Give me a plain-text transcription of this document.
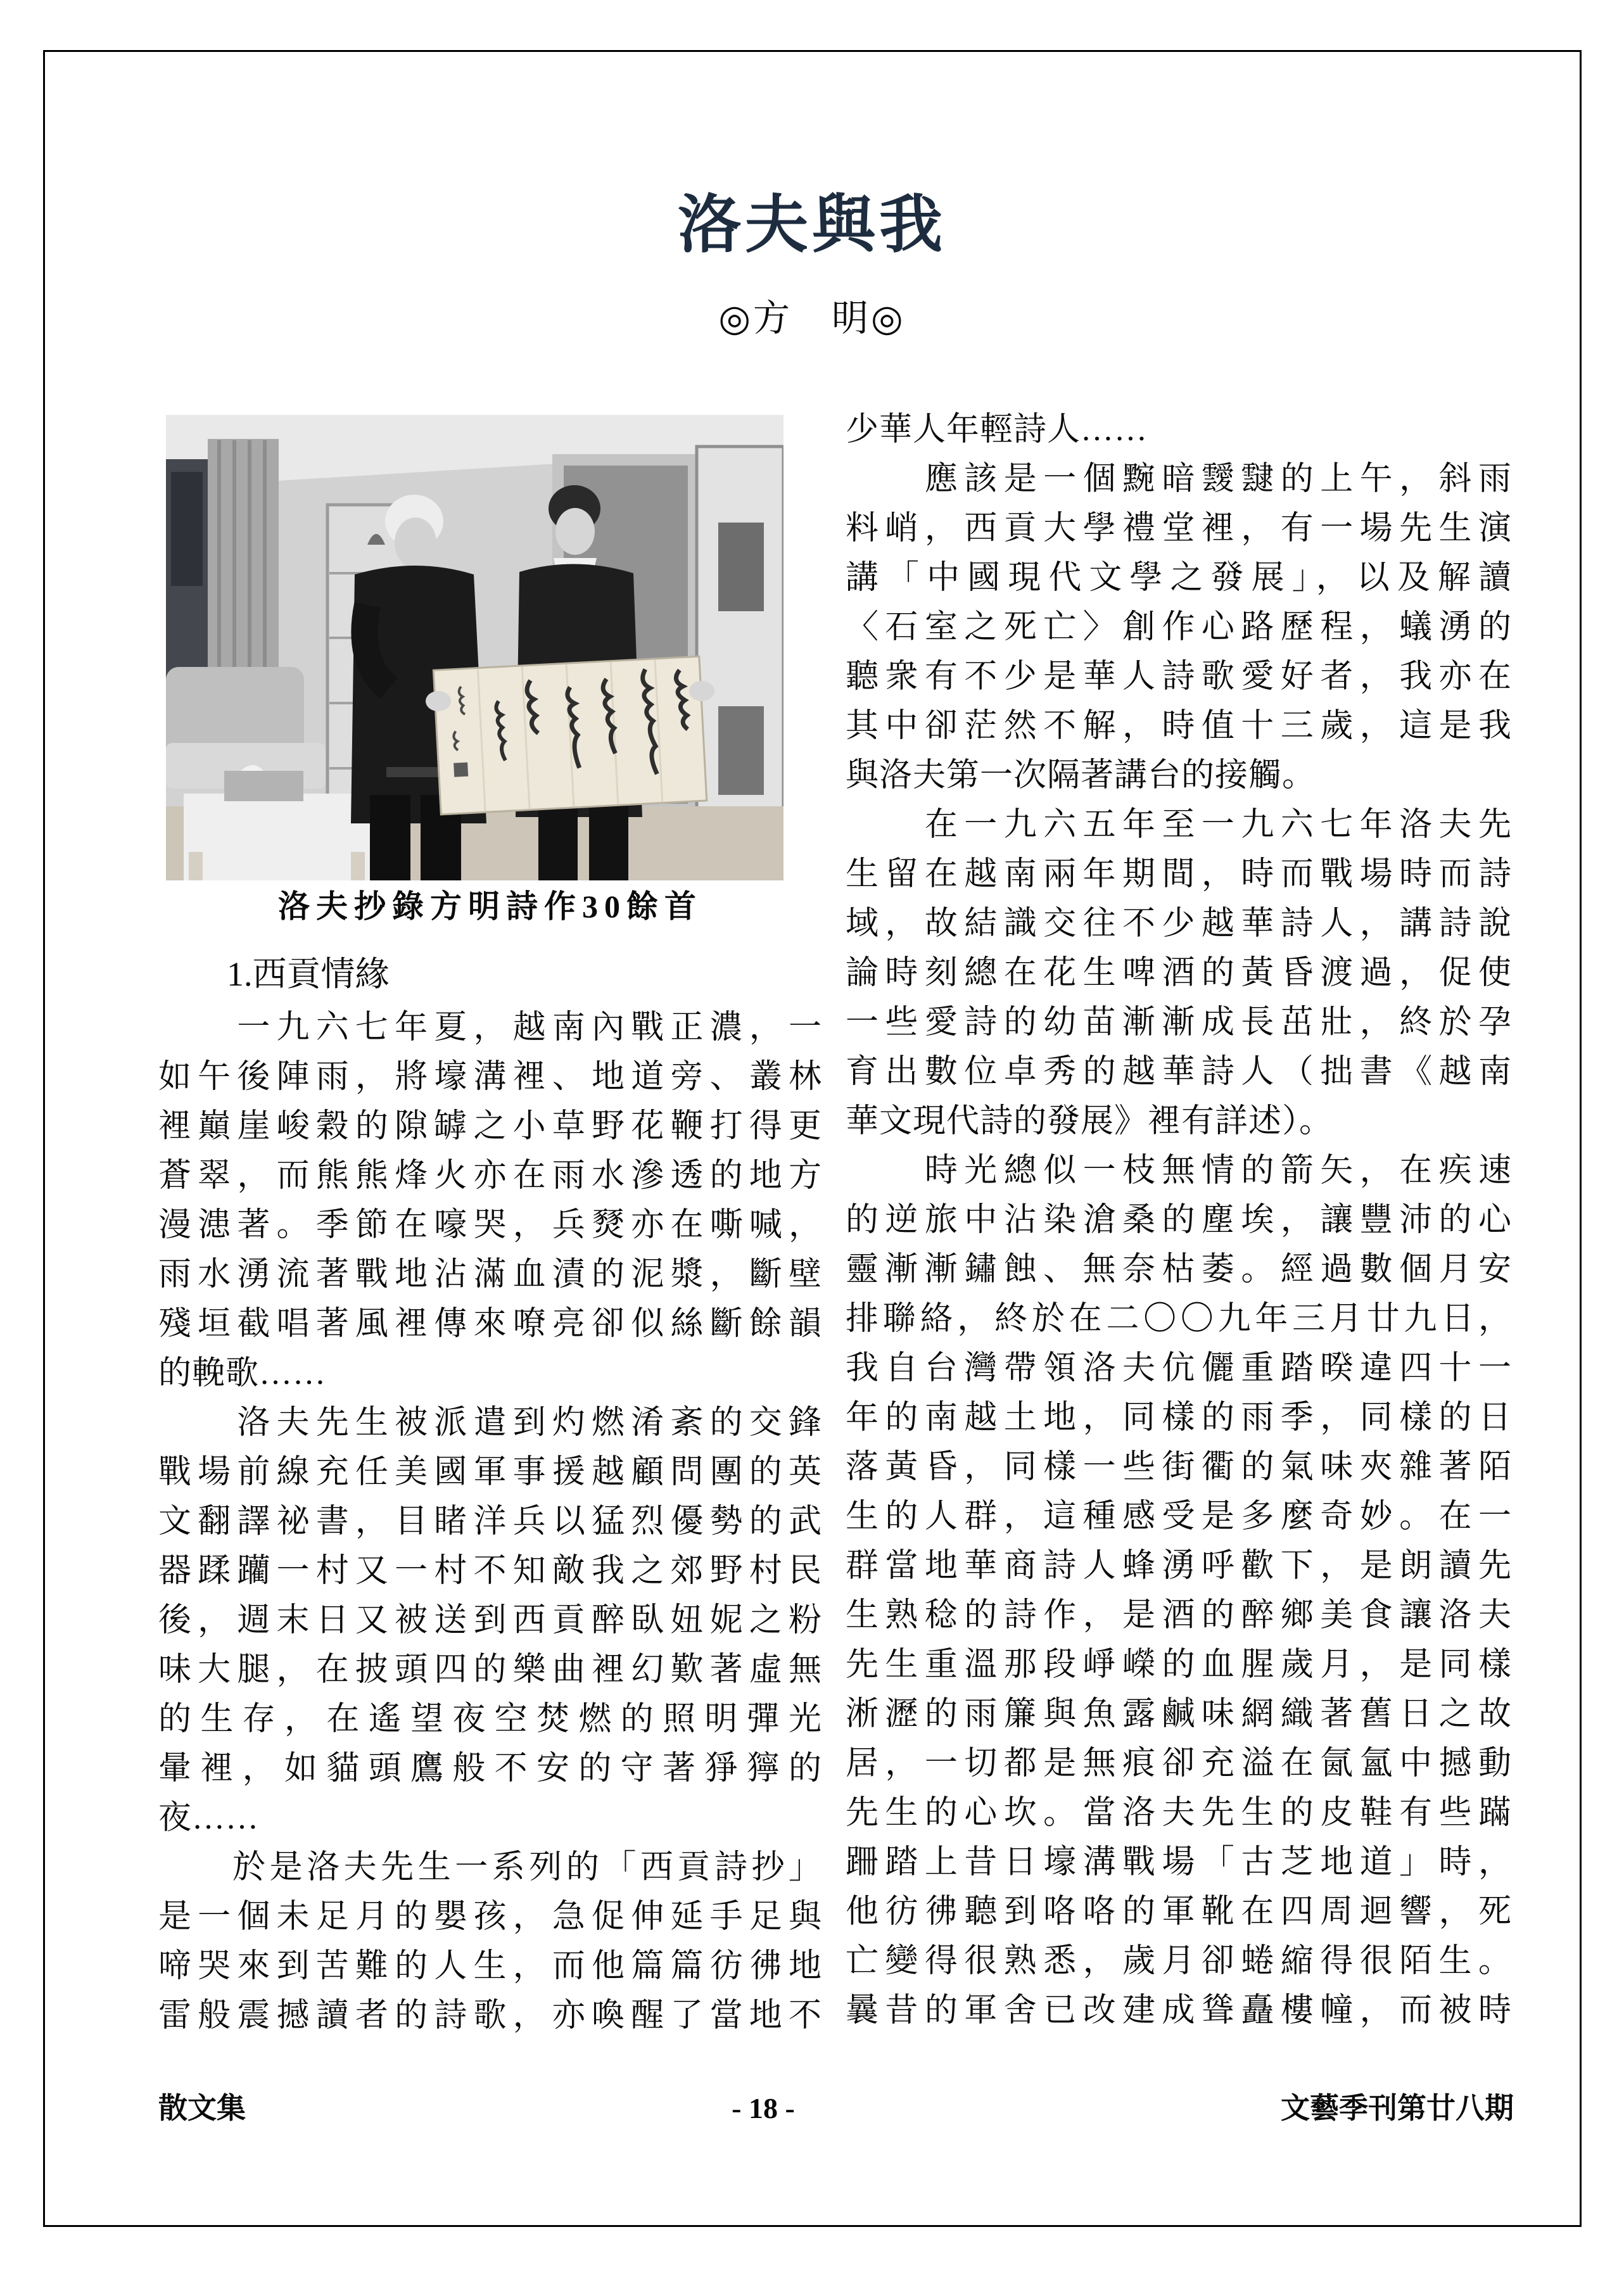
洛夫與我
◎方　明◎
洛夫抄錄方明詩作30餘首
1.西貢情緣
　　一九六七年夏，越南內戰正濃，一
如午後陣雨，將壕溝裡、地道旁、叢林
裡巔崖峻穀的隙罅之小草野花鞭打得更
蒼翠，而熊熊烽火亦在雨水滲透的地方
漫漶著。季節在嚎哭，兵燹亦在嘶喊，
雨水湧流著戰地沾滿血漬的泥漿，斷壁
殘垣截唱著風裡傳來嘹亮卻似絲斷餘韻
的輓歌……
　　洛夫先生被派遣到灼燃淆紊的交鋒
戰場前線充任美國軍事援越顧問團的英
文翻譯祕書，目睹洋兵以猛烈優勢的武
器蹂躪一村又一村不知敵我之郊野村民
後，週末日又被送到西貢醉臥妞妮之粉
味大腿，在披頭四的樂曲裡幻歎著虛無
的生存，在遙望夜空焚燃的照明彈光
暈裡，如貓頭鷹般不安的守著猙獰的
夜……
　　於是洛夫先生一系列的「西貢詩抄」
是一個未足月的嬰孩，急促伸延手足與
啼哭來到苦難的人生，而他篇篇彷彿地
雷般震撼讀者的詩歌，亦喚醒了當地不
少華人年輕詩人……
　　應該是一個黦暗靉靆的上午，斜雨
料峭，西貢大學禮堂裡，有一場先生演
講「中國現代文學之發展」，以及解讀
〈石室之死亡〉創作心路歷程，蟻湧的
聽衆有不少是華人詩歌愛好者，我亦在
其中卻茫然不解，時值十三歲，這是我
與洛夫第一次隔著講台的接觸。
　　在一九六五年至一九六七年洛夫先
生留在越南兩年期間，時而戰場時而詩
域，故結識交往不少越華詩人，講詩說
論時刻總在花生啤酒的黃昏渡過，促使
一些愛詩的幼苗漸漸成長茁壯，終於孕
育出數位卓秀的越華詩人（拙書《越南
華文現代詩的發展》裡有詳述）。
　　時光總似一枝無情的箭矢，在疾速
的逆旅中沾染滄桑的塵埃，讓豐沛的心
靈漸漸鏽蝕、無奈枯萎。經過數個月安
排聯絡，終於在二〇〇九年三月廿九日，
我自台灣帶領洛夫伉儷重踏暌違四十一
年的南越土地，同樣的雨季，同樣的日
落黃昏，同樣一些街衢的氣味夾雜著陌
生的人群，這種感受是多麼奇妙。在一
群當地華商詩人蜂湧呼歡下，是朗讀先
生熟稔的詩作，是酒的醉鄉美食讓洛夫
先生重溫那段崢嶸的血腥歲月，是同樣
淅瀝的雨簾與魚露鹹味網織著舊日之故
居，一切都是無痕卻充溢在氤氳中撼動
先生的心坎。當洛夫先生的皮鞋有些蹣
跚踏上昔日壕溝戰場「古芝地道」時，
他彷彿聽到咯咯的軍靴在四周迴響，死
亡變得很熟悉，歲月卻蜷縮得很陌生。
曩昔的軍舍已改建成聳矗樓幢，而被時
散文集	- 18 -	文藝季刊第廿八期
